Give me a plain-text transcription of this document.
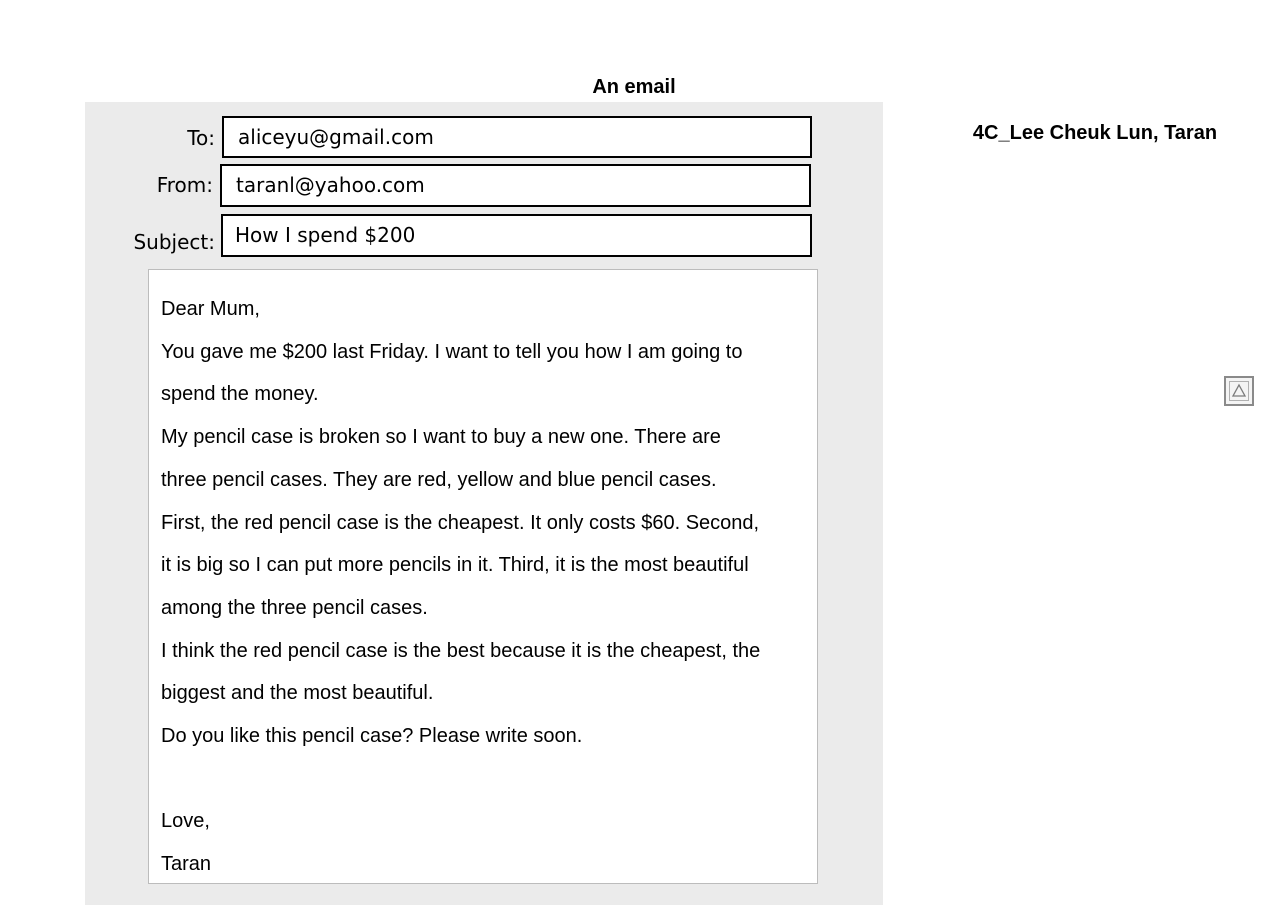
An email
4C_Lee Cheuk Lun, Taran
To:	aliceyu@gmail.com
From:	taranl@yahoo.com
Subject:	How I spend $200
Dear Mum,
You gave me $200 last Friday. I want to tell you how I am going to
spend the money.
My pencil case is broken so I want to buy a new one. There are
three pencil cases. They are red, yellow and blue pencil cases.
First, the red pencil case is the cheapest. It only costs $60. Second,
it is big so I can put more pencils in it. Third, it is the most beautiful
among the three pencil cases.
I think the red pencil case is the best because it is the cheapest, the
biggest and the most beautiful.
Do you like this pencil case? Please write soon.
Love,
Taran
